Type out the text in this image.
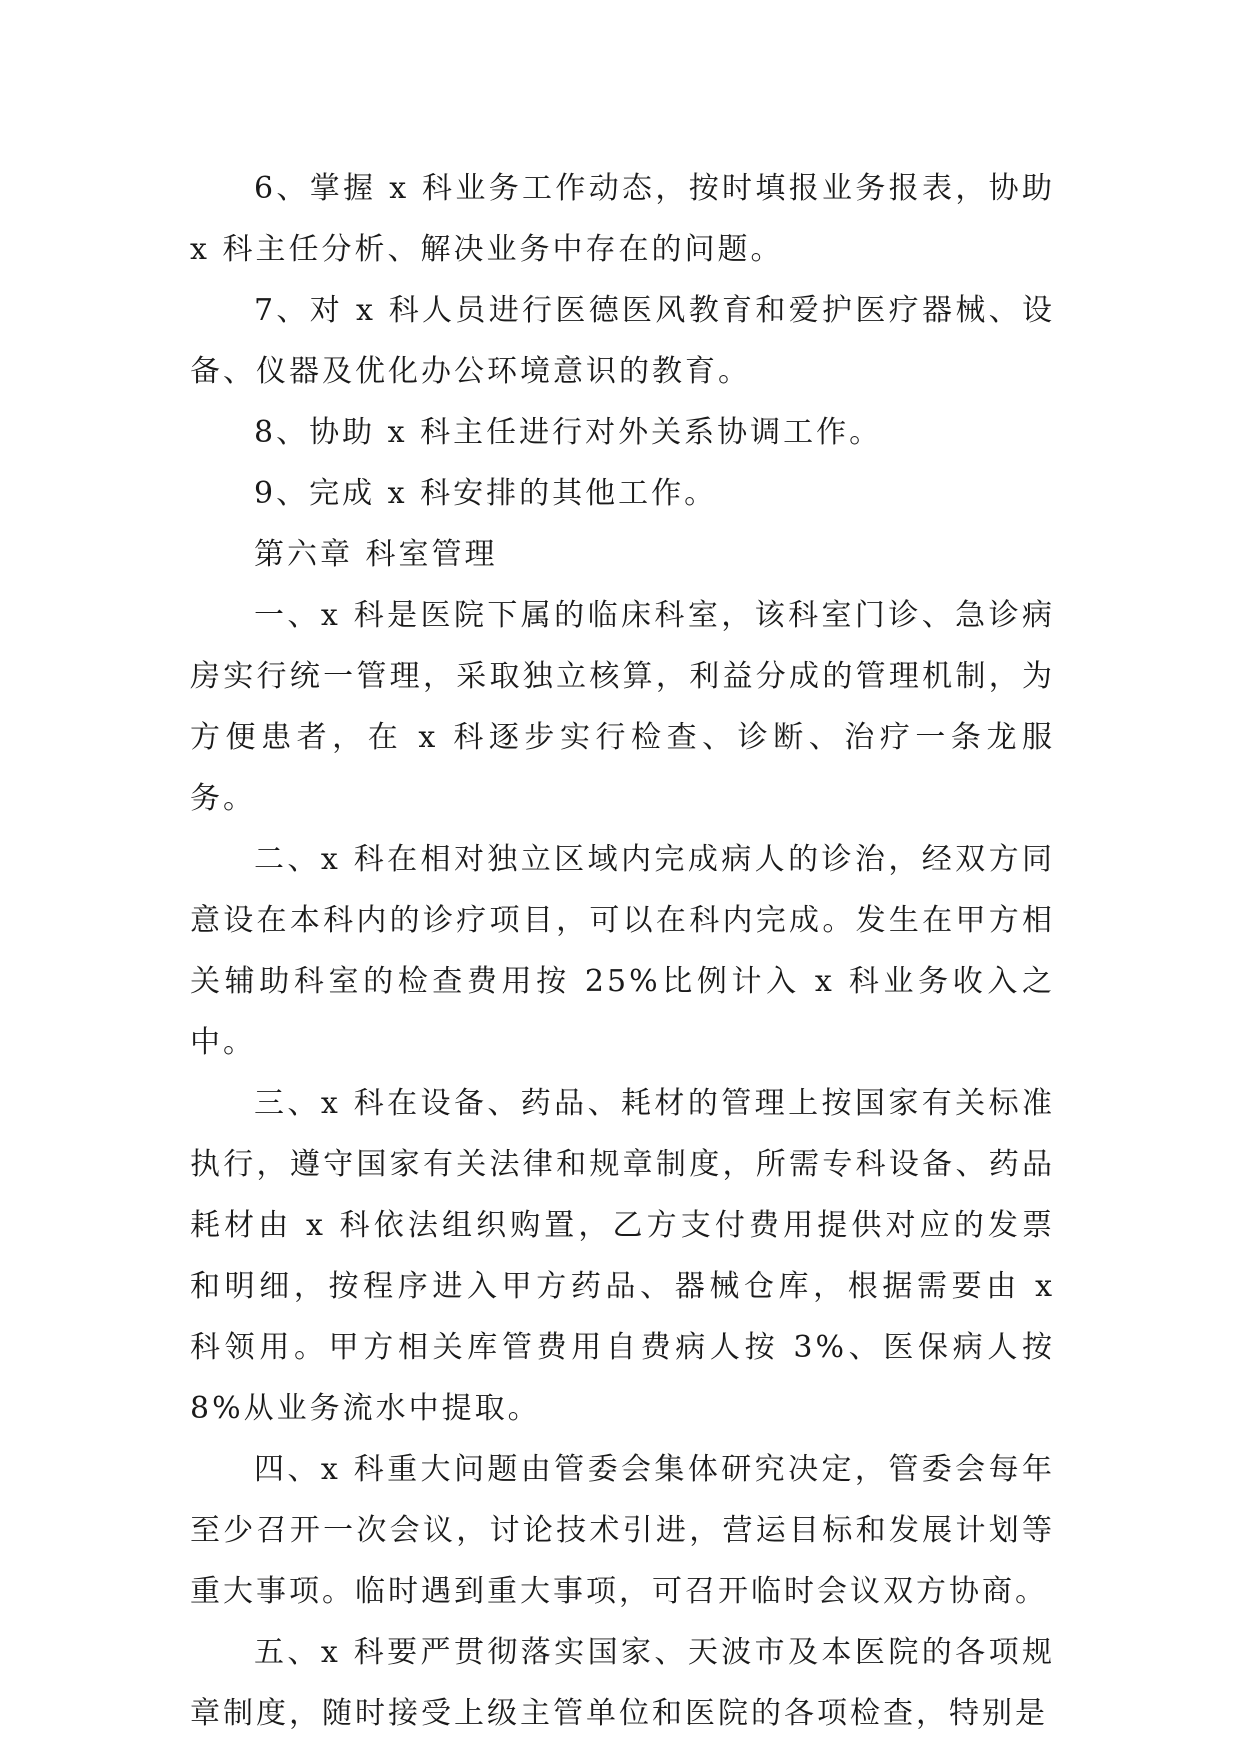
6、掌握 x 科业务工作动态，按时填报业务报表，协助 x 科主任分析、解决业务中存在的问题。

7、对 x 科人员进行医德医风教育和爱护医疗器械、设备、仪器及优化办公环境意识的教育。

8、协助 x 科主任进行对外关系协调工作。

9、完成 x 科安排的其他工作。

第六章 科室管理

一、x 科是医院下属的临床科室，该科室门诊、急诊病房实行统一管理，采取独立核算，利益分成的管理机制，为方便患者，在 x 科逐步实行检查、诊断、治疗一条龙服务。

二、x 科在相对独立区域内完成病人的诊治，经双方同意设在本科内的诊疗项目，可以在科内完成。发生在甲方相关辅助科室的检查费用按 25%比例计入 x 科业务收入之中。

三、x 科在设备、药品、耗材的管理上按国家有关标准执行，遵守国家有关法律和规章制度，所需专科设备、药品耗材由 x 科依法组织购置，乙方支付费用提供对应的发票和明细，按程序进入甲方药品、器械仓库，根据需要由 x 科领用。甲方相关库管费用自费病人按 3%、医保病人按 8%从业务流水中提取。

四、x 科重大问题由管委会集体研究决定，管委会每年至少召开一次会议，讨论技术引进，营运目标和发展计划等重大事项。临时遇到重大事项，可召开临时会议双方协商。

五、x 科要严贯彻落实国家、天波市及本医院的各项规章制度，随时接受上级主管单位和医院的各项检查，特别是
